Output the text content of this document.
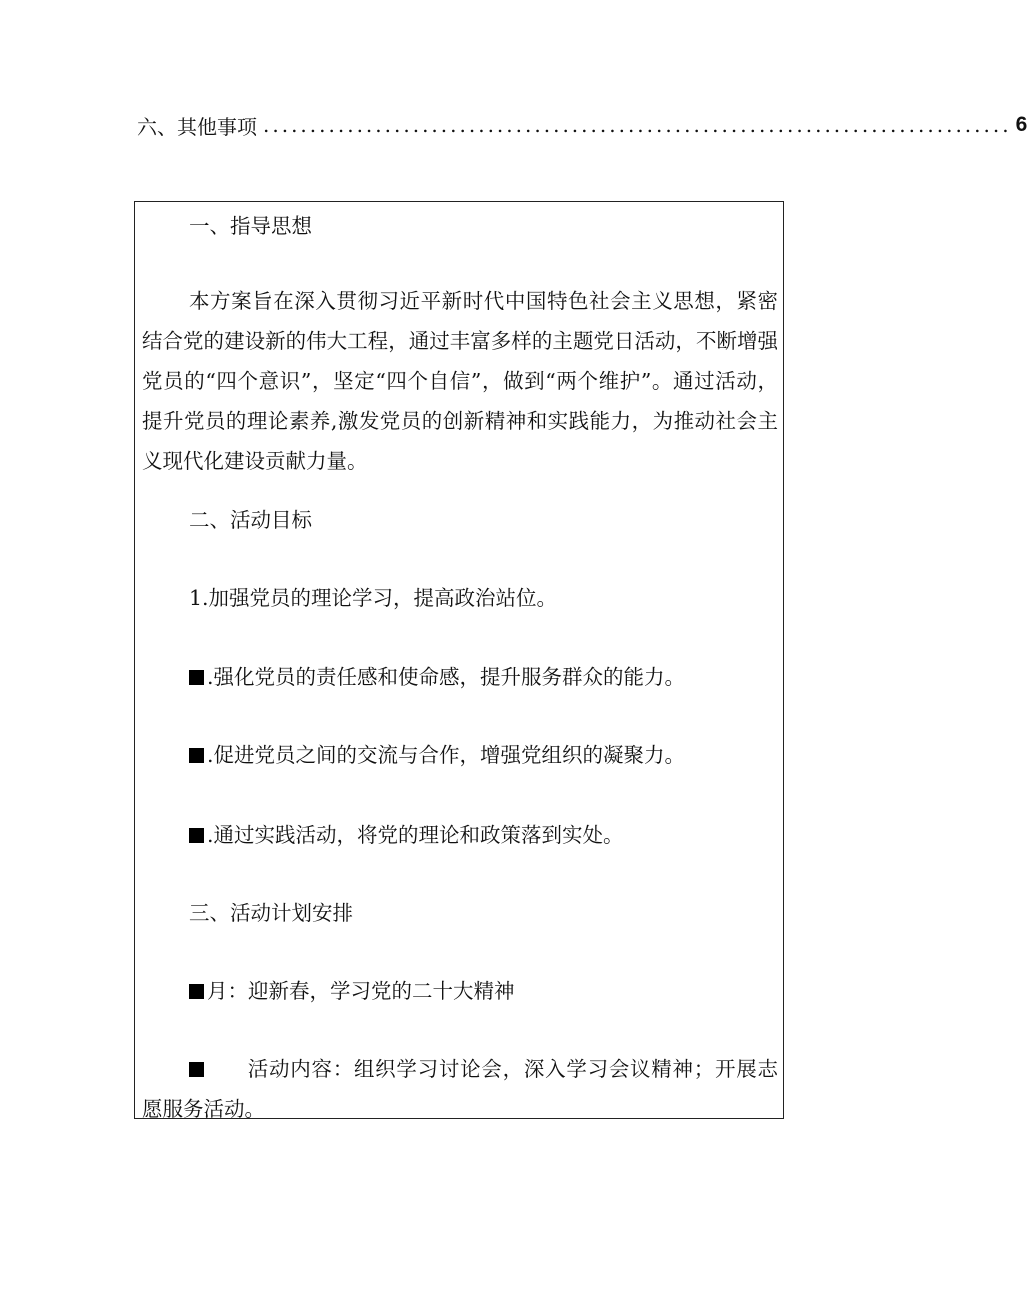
六、其他事项 ................................................................................ 6
一、指导思想
本方案旨在深入贯彻习近平新时代中国特色社会主义思想，紧密结合党的建设新的伟大工程，通过丰富多样的主题党日活动，不断增强党员的“四个意识”，坚定“四个自信”，做到“两个维护”。通过活动，提升党员的理论素养,激发党员的创新精神和实践能力，为推动社会主义现代化建设贡献力量。
二、活动目标
1.加强党员的理论学习，提高政治站位。
.强化党员的责任感和使命感，提升服务群众的能力。
.促进党员之间的交流与合作，增强党组织的凝聚力。
.通过实践活动，将党的理论和政策落到实处。
三、活动计划安排
月：迎新春，学习党的二十大精神
活动内容：组织学习讨论会，深入学习会议精神；开展志愿服务活动。
